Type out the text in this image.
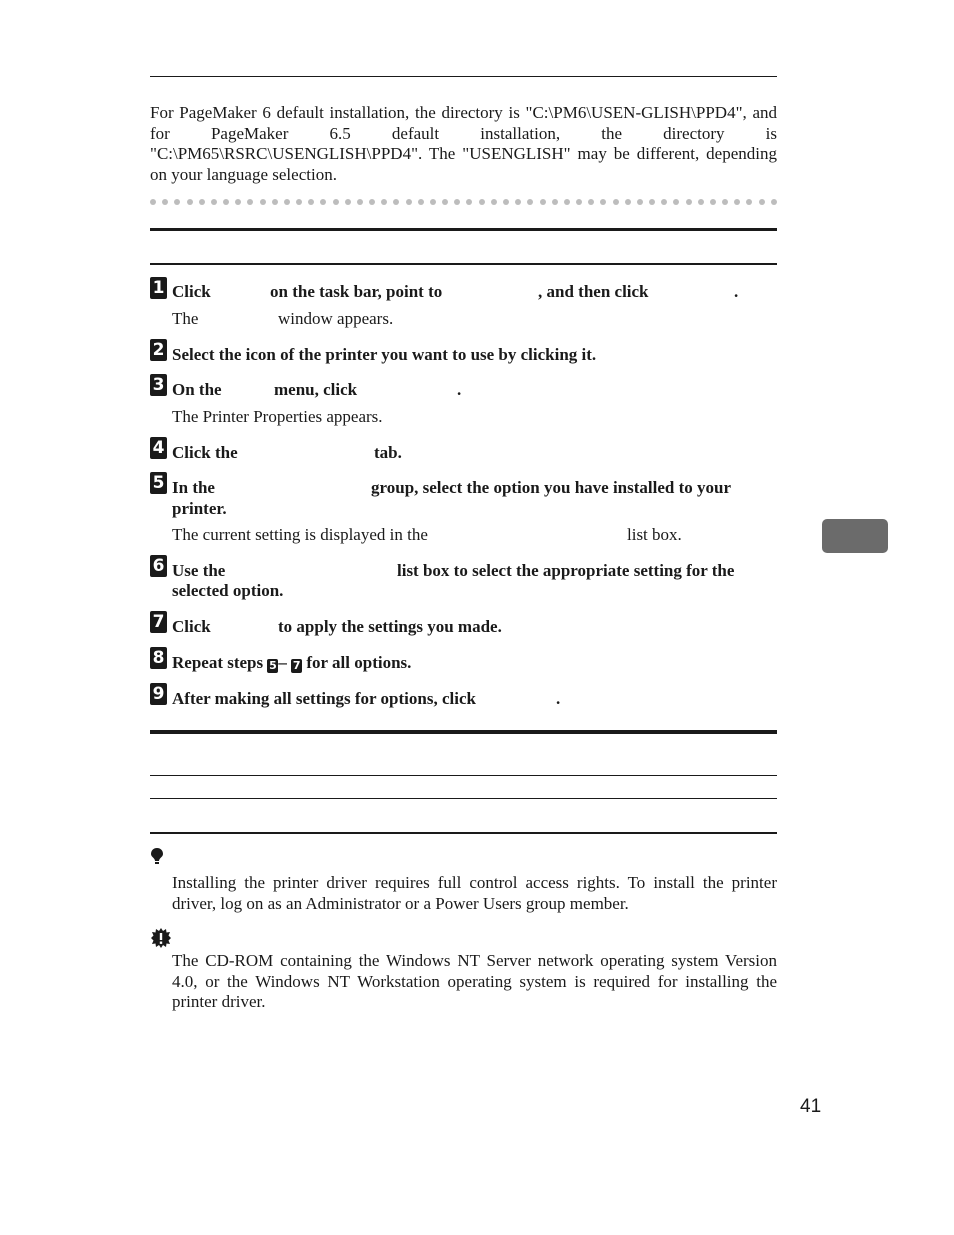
For PageMaker 6 default installation, the directory is "C:\PM6\USEN-GLISH\PPD4", and for PageMaker 6.5 default installation, the directory is "C:\PM65\RSRC\USENGLISH\PPD4". The "USENGLISH" may be different, depending on your language selection.
1 Click	on the task bar, point to	, and then click	.
The	window appears.
2 Select the icon of the printer you want to use by clicking it.
3 On the	menu, click	.
The Printer Properties appears.
4 Click the	tab.
5 In the	group, select the option you have installed to your
printer.
The current setting is displayed in the	list box.
6 Use the	list box to select the appropriate setting for the
selected option.
7 Click	to apply the settings you made.
8 Repeat steps 5– 7 for all options.
9 After making all settings for options, click	.
Installing the printer driver requires full control access rights. To install the printer driver, log on as an Administrator or a Power Users group member.
The CD-ROM containing the Windows NT Server network operating system Version 4.0, or the Windows NT Workstation operating system is required for installing the printer driver.
41
